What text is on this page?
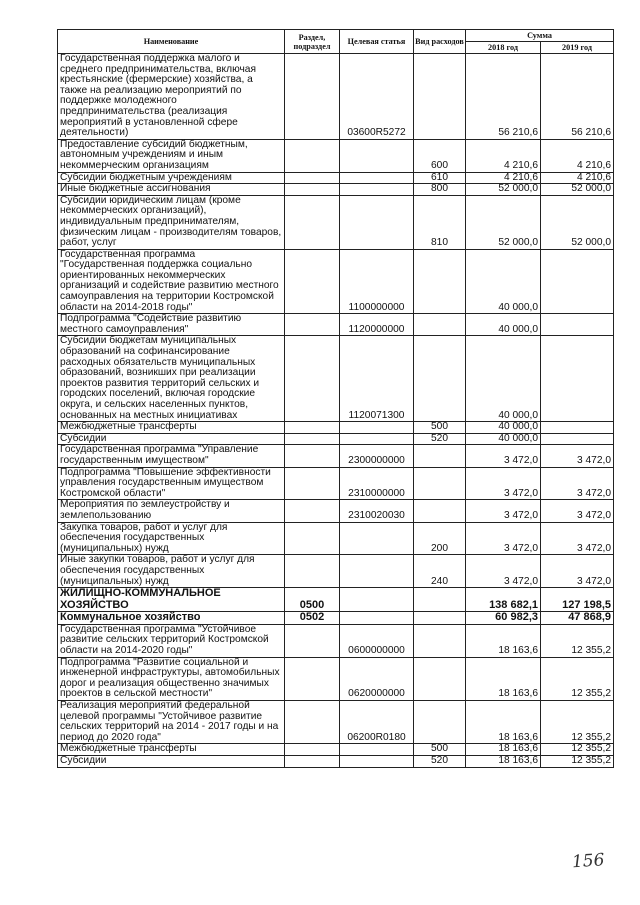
Наименование	Раздел, подраздел	Целевая статья	Вид расходов	Сумма	
				2018 год	2019 год
Государственная поддержка малого и среднего предпринимательства, включая крестьянские (фермерские) хозяйства, а также на реализацию мероприятий по поддержке молодежного предпринимательства (реализация мероприятий в установленной сфере деятельности)		03600R5272		56 210,6	56 210,6
Предоставление субсидий бюджетным, автономным учреждениям и иным некоммерческим организациям			600	4 210,6	4 210,6
Субсидии бюджетным учреждениям			610	4 210,6	4 210,6
Иные бюджетные ассигнования			800	52 000,0	52 000,0
Субсидии юридическим лицам (кроме некоммерческих организаций), индивидуальным предпринимателям, физическим лицам - производителям товаров, работ, услуг			810	52 000,0	52 000,0
Государственная программа "Государственная поддержка социально ориентированных некоммерческих организаций и содействие развитию местного самоуправления на территории Костромской области на 2014-2018 годы"		1100000000		40 000,0	
Подпрограмма "Содействие развитию местного самоуправления"		1120000000		40 000,0	
Субсидии бюджетам муниципальных образований на софинансирование расходных обязательств муниципальных образований, возникших при реализации проектов развития территорий сельских и городских поселений, включая городские округа, и сельских населенных пунктов, основанных на местных инициативах		1120071300		40 000,0	
Межбюджетные трансферты			500	40 000,0	
Субсидии			520	40 000,0	
Государственная программа "Управление государственным имуществом"		2300000000		3 472,0	3 472,0
Подпрограмма "Повышение эффективности управления государственным имуществом Костромской области"		2310000000		3 472,0	3 472,0
Мероприятия по землеустройству и землепользованию		2310020030		3 472,0	3 472,0
Закупка товаров, работ и услуг для обеспечения государственных (муниципальных) нужд			200	3 472,0	3 472,0
Иные закупки товаров, работ и услуг для обеспечения государственных (муниципальных) нужд			240	3 472,0	3 472,0
ЖИЛИЩНО-КОММУНАЛЬНОЕ ХОЗЯЙСТВО	0500			138 682,1	127 198,5
Коммунальное хозяйство	0502			60 982,3	47 868,9
Государственная программа "Устойчивое развитие сельских территорий Костромской области на 2014-2020 годы"		0600000000		18 163,6	12 355,2
Подпрограмма "Развитие социальной и инженерной инфраструктуры, автомобильных дорог и реализация общественно значимых проектов в сельской местности"		0620000000		18 163,6	12 355,2
Реализация мероприятий федеральной целевой программы "Устойчивое развитие сельских территорий на 2014 - 2017 годы и на период до 2020 года"		06200R0180		18 163,6	12 355,2
Межбюджетные трансферты			500	18 163,6	12 355,2
Субсидии			520	18 163,6	12 355,2
156
